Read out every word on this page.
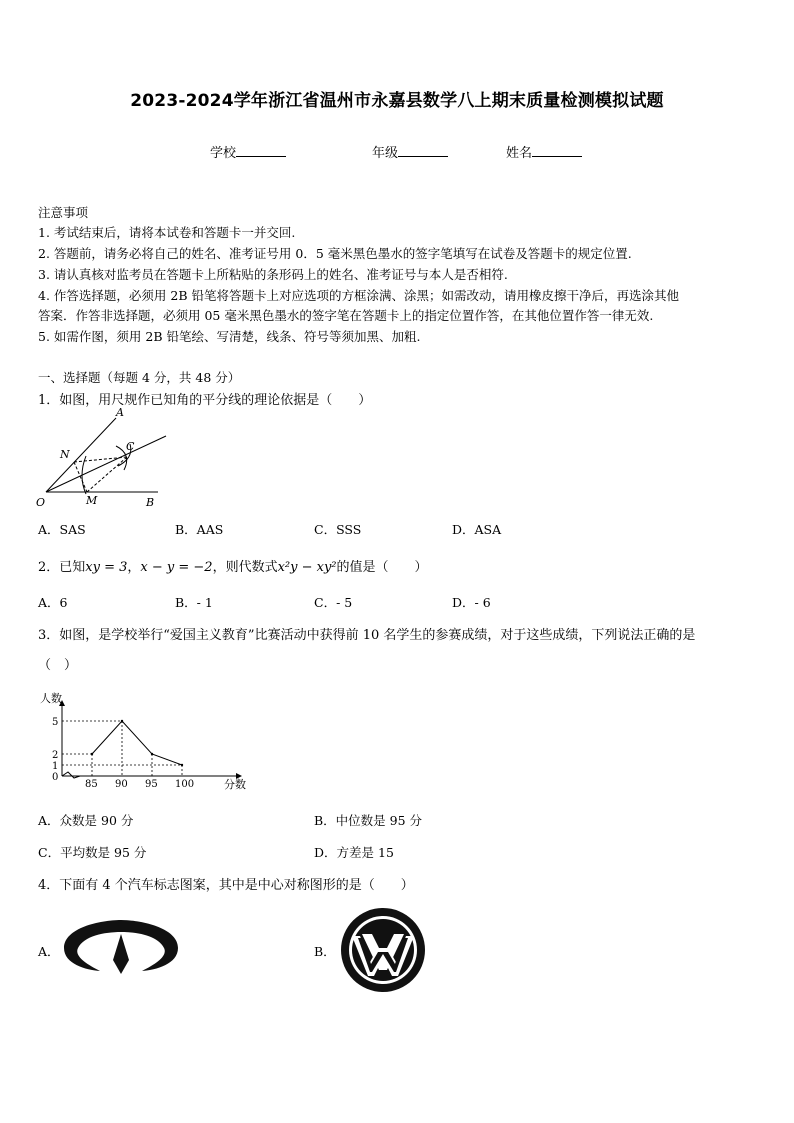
2023-2024学年浙江省温州市永嘉县数学八上期末质量检测模拟试题
学校	年级	姓名
注意事项
1. 考试结束后，请将本试卷和答题卡一并交回.
2. 答题前，请务必将自己的姓名、准考证号用 0．5 毫米黑色墨水的签字笔填写在试卷及答题卡的规定位置.
3. 请认真核对监考员在答题卡上所粘贴的条形码上的姓名、准考证号与本人是否相符.
4. 作答选择题，必须用 2B 铅笔将答题卡上对应选项的方框涂满、涂黑；如需改动，请用橡皮擦干净后，再选涂其他
答案．作答非选择题，必须用 05 毫米黑色墨水的签字笔在答题卡上的指定位置作答，在其他位置作答一律无效.
5. 如需作图，须用 2B 铅笔绘、写清楚，线条、符号等须加黑、加粗.
一、选择题（每题 4 分，共 48 分）
1．如图，用尺规作已知角的平分线的理论依据是（　　）
A
N
C
O	M	B
A．SAS	B．AAS	C．SSS	D．ASA
2．已知xy = 3，x − y = −2，则代数式x²y − xy²的值是（　　）
A．6	B．- 1	C．- 5	D．- 6
3．如图，是学校举行“爱国主义教育”比赛活动中获得前 10 名学生的参赛成绩，对于这些成绩，下列说法正确的是
（　）
85 90 95 100
0
1
2
5
人数
分数
A．众数是 90 分	B．中位数是 95 分
C．平均数是 95 分	D．方差是 15
4．下面有 4 个汽车标志图案，其中是中心对称图形的是（　　）
A．	B．
